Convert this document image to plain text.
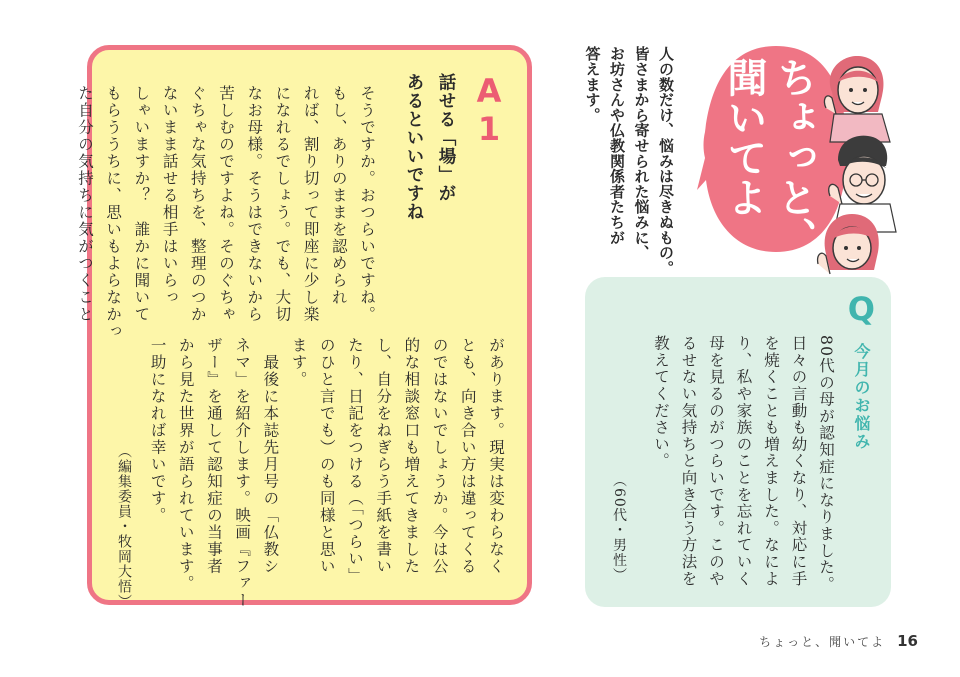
A1
話せる「場」が
あるといいですね
そうですか。おつらいですね。
もし、ありのままを認められ
れば、割り切って即座に少し楽
になれるでしょう。でも、大切
なお母様。そうはできないから
苦しむのですよね。そのぐちゃ
ぐちゃな気持ちを、整理のつか
ないまま話せる相手はいらっ
しゃいますか？　誰かに聞いて
もらううちに、思いもよらなかっ
た自分の気持ちに気がつくこと
（編集委員・牧岡大悟）	があります。現実は変わらなく
とも、向き合い方は違ってくる
のではないでしょうか。今は公
的な相談窓口も増えてきました
し、自分をねぎらう手紙を書い
たり、日記をつける（「つらい」
のひと言でも）のも同様と思い
ます。
　最後に本誌先月号の「仏教シ
ネマ」を紹介します。映画『ファー
ザー』を通して認知症の当事者
から見た世界が語られています。
一助になれば幸いです。
ちょっと、
聞いてよ
人の数だけ、悩みは尽きぬもの。
皆さまから寄せられた悩みに、
お坊さんや仏教関係者たちが
答えます。
Q
今月のお悩み
80代の母が認知症になりました。
日々の言動も幼くなり、対応に手
を焼くことも増えました。なによ
り、私や家族のことを忘れていく
母を見るのがつらいです。このや
るせない気持ちと向き合う方法を
教えてください。
（60代・男性）
ちょっと、聞いてよ 16
